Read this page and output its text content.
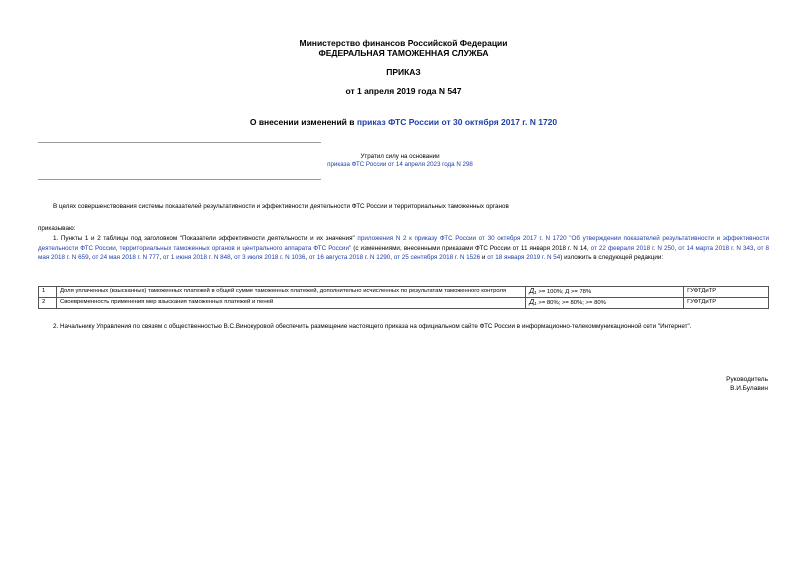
Министерство финансов Российской Федерации
ФЕДЕРАЛЬНАЯ ТАМОЖЕННАЯ СЛУЖБА
ПРИКАЗ
от 1 апреля 2019 года N 547
О внесении изменений в приказ ФТС России от 30 октября 2017 г. N 1720
Утратил силу на основании
приказа ФТС России от 14 апреля 2023 года N 298
В целях совершенствования системы показателей результативности и эффективности деятельности ФТС России и территориальных таможенных органов
приказываю:
1. Пункты 1 и 2 таблицы под заголовком "Показатели эффективности деятельности и их значения" приложения N 2 к приказу ФТС России от 30 октября 2017 г. N 1720 "Об утверждении показателей результативности и эффективности деятельности ФТС России, территориальных таможенных органов и центрального аппарата ФТС России" (с изменениями, внесенными приказами ФТС России от 11 января 2018 г. N 14, от 22 февраля 2018 г. N 250, от 14 марта 2018 г. N 343, от 8 мая 2018 г. N 659, от 24 мая 2018 г. N 777, от 1 июня 2018 г. N 848, от 3 июля 2018 г. N 1036, от 16 августа 2018 г. N 1290, от 25 сентября 2018 г. N 1526 и от 18 января 2019 г. N 54) изложить в следующей редакции:
1	Доля уплаченных (взысканных) таможенных платежей в общей сумме таможенных платежей, дополнительно исчисленных по результатам таможенного контроля	Д₁ >= 100%; Д >= 78%	ГУФТДиТР
2	Своевременность применения мер взыскания таможенных платежей и пеней	Д₁ >= 80%; >= 80%; >= 80%	ГУФТДиТР
2. Начальнику Управления по связям с общественностью В.С.Винокуровой обеспечить размещение настоящего приказа на официальном сайте ФТС России в информационно-телекоммуникационной сети "Интернет".
Руководитель
В.И.Булавин
